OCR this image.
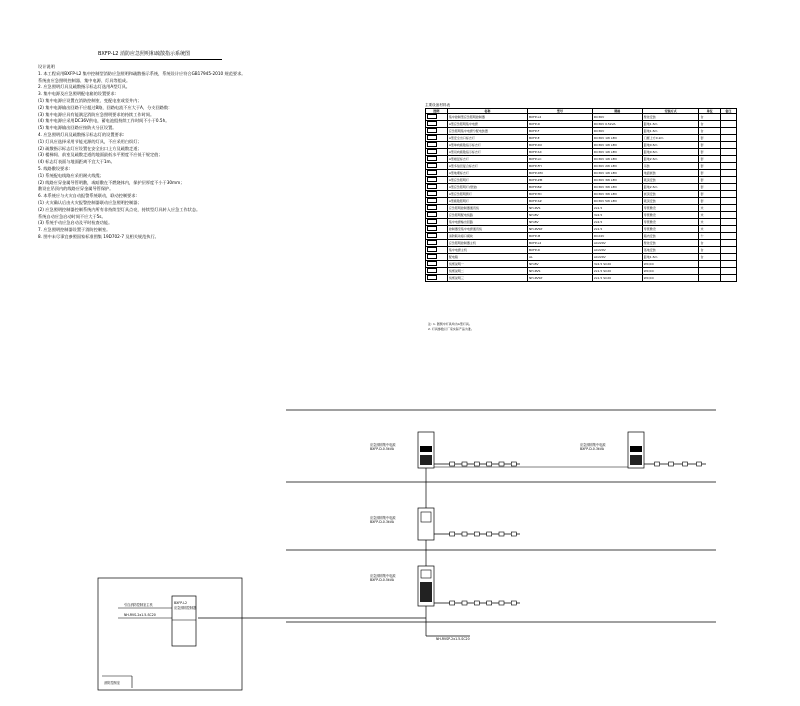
BXFP-L2 消防应急照明和疏散指示系统图
设计说明
1. 本工程采用BXFP-L2 集中控制型消防应急照明和疏散指示系统，系统设计应符合GB17945-2010 规范要求。
系统由应急照明控制器、集中电源、灯具等组成。
2. 应急照明灯具及疏散指示标志灯选用A型灯具。
3. 集中电源及应急照明配电箱的设置要求:
(1) 集中电源应设置在消防控制室、变配电室或竖井内；
(2) 集中电源输出回路不应超过8路，回路电流不应大于A，分支回路数：
(3) 集中电源应具有能满足消防应急照明要求的持续工作时间。
(4) 集中电源应采用DC36V供电，蓄电池组持续工作时间不小于0.5h。
(5) 集中电源输出回路应按防火分区设置。
4. 应急照明灯具及疏散指示标志灯的设置要求:
(1) 灯具应选择采用节能光源的灯具，不应采用白炽灯；
(2) 疏散指示标志灯应设置在安全出口上方及疏散走道；
(3) 楼梯间、前室及疏散走道的地面最低水平照度不应低于规定值；
(4) 标志灯表面与地面距离不宜大于1m。
5. 线路敷设要求:
(1) 系统配电线路应采用耐火线缆；
(2) 线路应穿金属导管明敷，或暗敷在不燃烧体内，保护层厚度不小于30mm；
敷设在吊顶内的线路应穿金属导管保护。
6. 本系统应与火灾自动报警系统联动，联动控制要求:
(1) 火灾确认后由火灾报警控制器联动应急照明控制器；
(2) 应急照明控制器控制系统内所有非持续型灯具点亮，持续型灯具转入应急工作状态。
系统自动应急启动时间不应大于5s。
(3) 系统手动应急启动及平时检查功能。
7. 应急照明控制器设置于消防控制室。
8. 图中未尽事宜参照国家标准图集 19D702-7 及相关规范执行。
主要设备材料表
图例	名称	型号	规格	安装方式	单位	备注
	集中控制型应急照明控制器	BXFP-L2	DC36V	壁挂安装	台	
	A型应急照明集中电源	BXFP-D	DC36V 0.5kVA	距地1.5m	台	
	应急照明集中电源分配电装置	BXFP-F	DC36V	距地1.5m	台	
	A型安全出口标志灯	BXFP-E	DC36V 1W LED	门框上方0.2m	套	
	A型单向疏散指示标志灯	BXFP-DX	DC36V 1W LED	距地0.5m	套	
	A型双向疏散指示标志灯	BXFP-SX	DC36V 1W LED	距地0.5m	套	
	A型楼层标志灯	BXFP-LC	DC36V 1W LED	距地2.5m	套	
	A型多信息复合标志灯	BXFP-FH	DC36V 2W LED	吊装	套	
	A型地埋标志灯	BXFP-DM	DC36V 1W LED	地面嵌装	套	
	A型应急照明灯	BXFP-ZM	DC36V 3W LED	吸顶安装	套	
	A型应急照明灯(壁装)	BXFP-BZ	DC36V 3W LED	距地2.5m	套	
	A型应急照明筒灯	BXFP-TD	DC36V 3W LED	嵌顶安装	套	
	A型疏散照明灯	BXFP-SZ	DC36V 5W LED	吸顶安装	套	
	应急照明控制器通讯线	NH-RVS	2x1.5	穿管敷设	米	
	应急照明配电线路	NH-BV	3x2.5	穿管敷设	米	
	集中电源输出回路	NH-BV	2x2.5	穿管敷设	米	
	控制器至集中电源通讯线	NH-RVSP	2x1.5	穿管敷设	米	
	消防联动接口模块	BXFP-M	DC24V	箱内安装	个	
	应急照明控制器主机	BXFP-L2	AC220V	壁挂安装	台	
	集中电源主机	BXFP-D	AC220V	落地安装	台	
	配电箱	AL	AC220V	距地1.5m	台	
	线缆说明一	NH-BV	3x2.5 SC20	WC/CC		
	线缆说明二	NH-RVS	2x1.5 SC20	WC/CC		
	线缆说明三	NH-RVSP	2x1.5 SC20	WC/CC		
注: 1. 图例中灯具均为A型灯具。
2. 灯具参数以厂家实际产品为准。
应急照明集中电源
BXFP-D-0.5kVA
应急照明集中电源
BXFP-D-0.3kVA
应急照明集中电源
BXFP-D-0.3kVA
应急照明集中电源
BXFP-D-0.5kVA
NH-RVSP-2x1.5-SC20
BXFP-L2
应急照明控制器
引自消防控制室主机
NH-RVS-2x1.5-SC20
消防控制室
